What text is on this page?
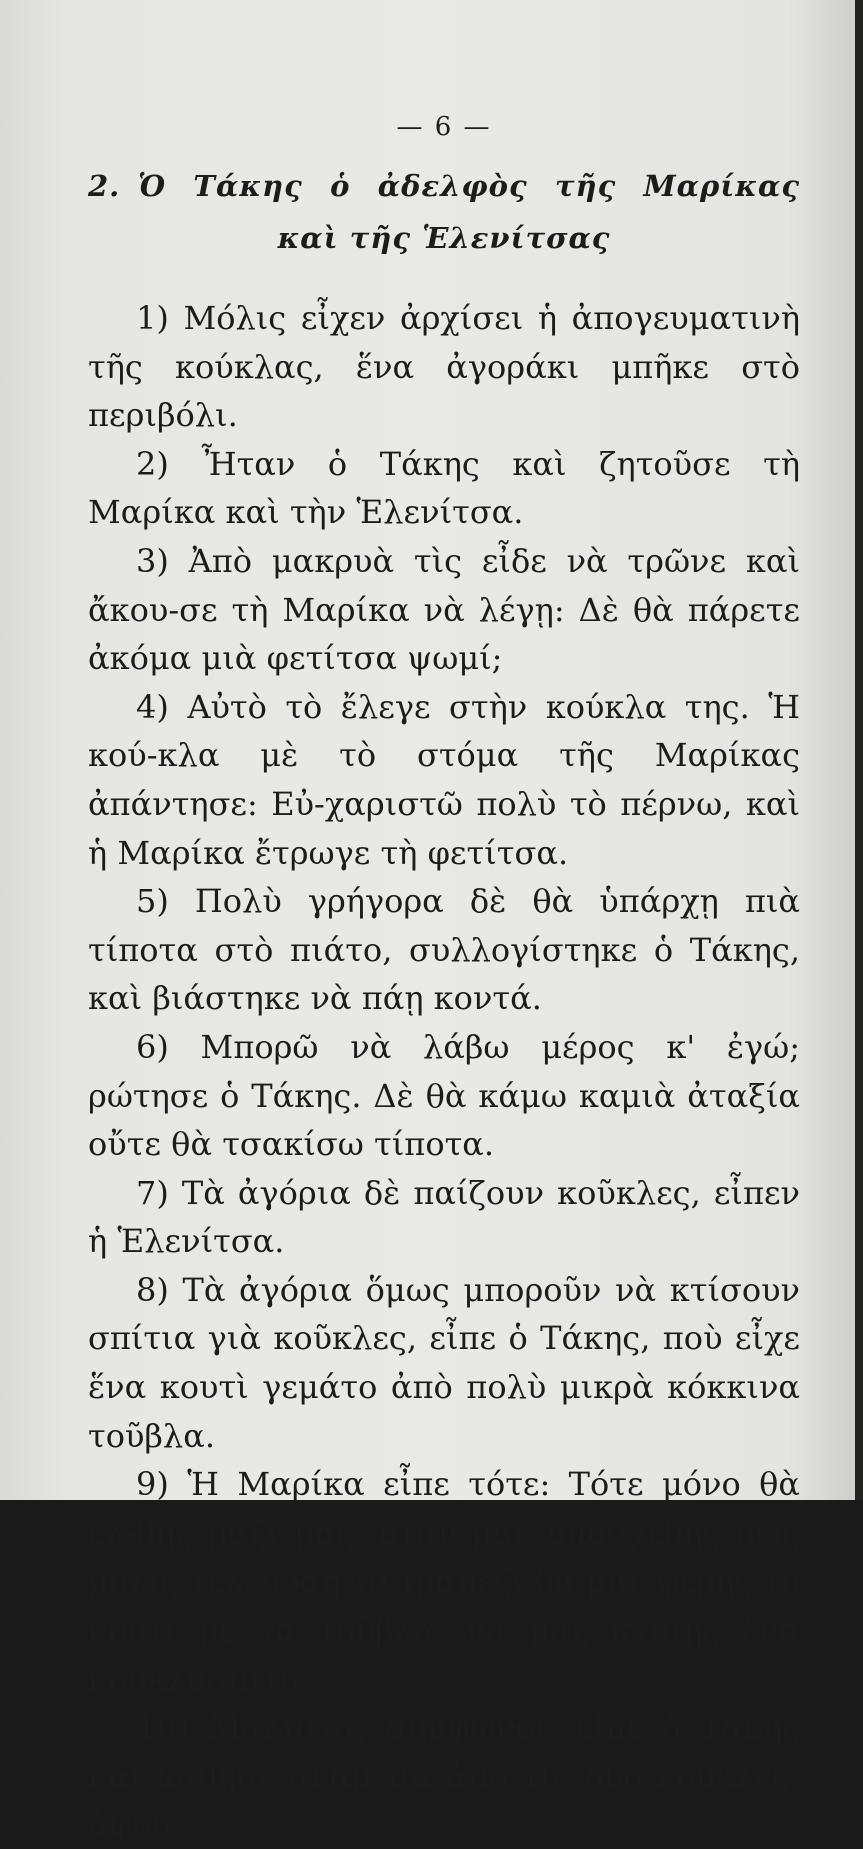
— 6 —
2. Ὁ Τάκης ὁ ἀδελφὸς τῆς Μαρίκας
καὶ τῆς Ἑλενίτσας

1) Μόλις εἶχεν ἀρχίσει ἡ ἀπογευματινὴ τῆς κούκλας, ἕνα ἀγοράκι μπῆκε στὸ περιβόλι.

2) Ἦταν ὁ Τάκης καὶ ζητοῦσε τὴ Μαρίκα καὶ τὴν Ἑλενίτσα.

3) Ἀπὸ μακρυὰ τὶς εἶδε νὰ τρῶνε καὶ ἄκου-σε τὴ Μαρίκα νὰ λέγῃ: Δὲ θὰ πάρετε ἀκόμα μιὰ φετίτσα ψωμί;

4) Αὐτὸ τὸ ἔλεγε στὴν κούκλα της. Ἡ κού-κλα μὲ τὸ στόμα τῆς Μαρίκας ἀπάντησε: Εὐ-χαριστῶ πολὺ τὸ πέρνω, καὶ ἡ Μαρίκα ἔτρωγε τὴ φετίτσα.

5) Πολὺ γρήγορα δὲ θὰ ὑπάρχῃ πιὰ τίποτα στὸ πιάτο, συλλογίστηκε ὁ Τάκης, καὶ βιάστηκε νὰ πάῃ κοντά.

6) Μπορῶ νὰ λάβω μέρος κ' ἐγώ; ρώτησε ὁ Τάκης. Δὲ θὰ κάμω καμιὰ ἀταξία οὔτε θὰ τσακίσω τίποτα.

7) Τὰ ἀγόρια δὲ παίζουν κοῦκλες, εἶπεν ἡ Ἑλενίτσα.

8) Τὰ ἀγόρια ὅμως μποροῦν νὰ κτίσουν σπίτια γιὰ κοῦκλες, εἶπε ὁ Τάκης, ποὺ εἶχε ἕνα κουτὶ γεμάτο ἀπὸ πολὺ μικρὰ κόκκινα τοῦβλα.

9) Ἡ Μαρίκα εἶπε τότε: Τότε μόνο θὰ ἔλ-θῃς μαζί μας, ὅταν μᾶς ὑποσχεθῇς πῶς μόλις τελειώσῃ τὸ τραπέζι θὰ μᾶς φέρῃς τὸ κουτὶ μὲ τὰ τοῦβλα, νὰ μᾶς κτίσῃς ἕνα κουκλόσπιτο.

10) Μάλιστα, σύμφωνοι, εἶπε ὁ Τάκης καὶ κάθησε ἀνάμεσα ἀπὸ τὶς δυὸ κοῦκλες, ἀφοῦ
